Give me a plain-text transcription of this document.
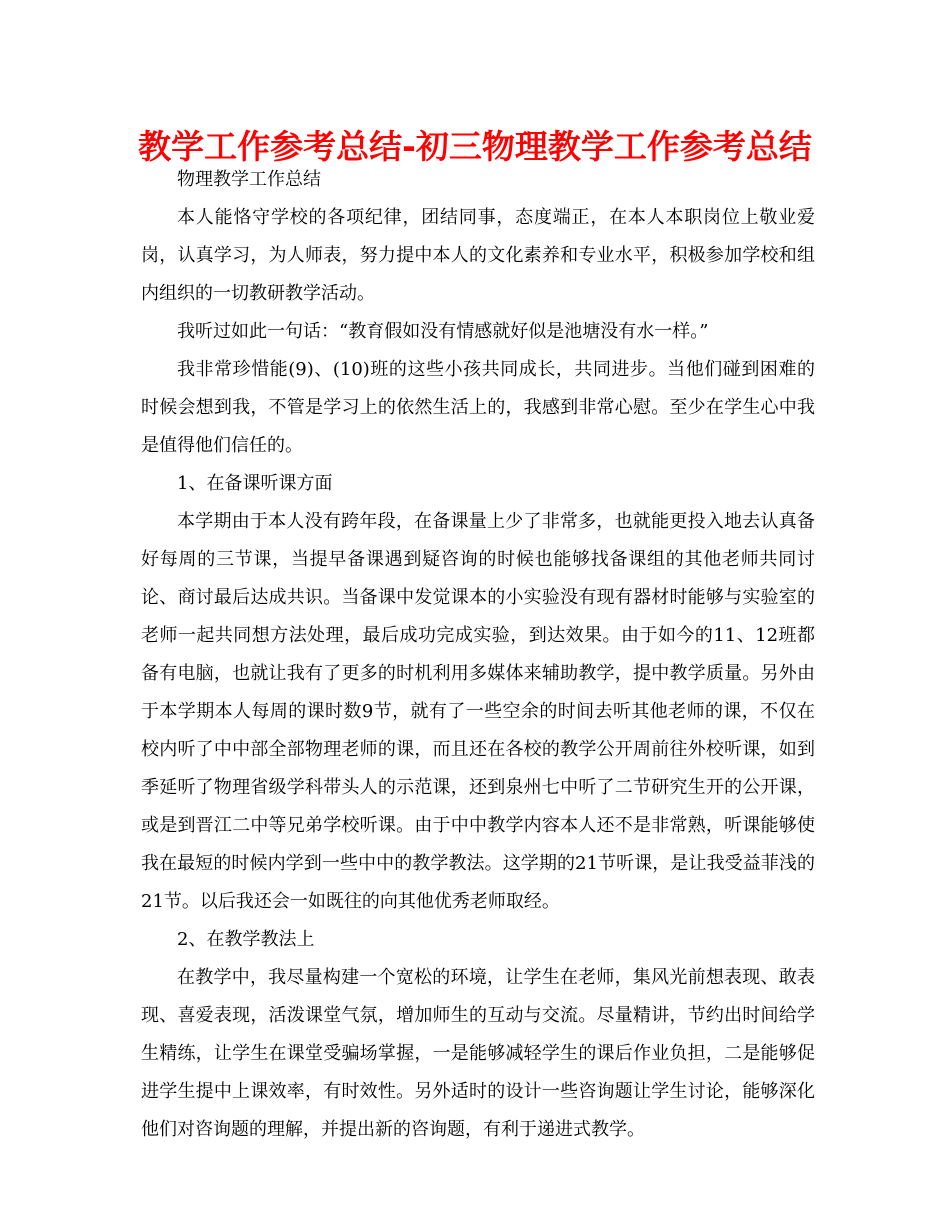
教学工作参考总结-初三物理教学工作参考总结

物理教学工作总结

本人能恪守学校的各项纪律，团结同事，态度端正，在本人本职岗位上敬业爱岗，认真学习，为人师表，努力提中本人的文化素养和专业水平，积极参加学校和组内组织的一切教研教学活动。

我听过如此一句话：“教育假如没有情感就好似是池塘没有水一样。”

我非常珍惜能(9)、(10)班的这些小孩共同成长，共同进步。当他们碰到困难的时候会想到我，不管是学习上的依然生活上的，我感到非常心慰。至少在学生心中我是值得他们信任的。

1、在备课听课方面

本学期由于本人没有跨年段，在备课量上少了非常多，也就能更投入地去认真备好每周的三节课，当提早备课遇到疑咨询的时候也能够找备课组的其他老师共同讨论、商讨最后达成共识。当备课中发觉课本的小实验没有现有器材时能够与实验室的老师一起共同想方法处理，最后成功完成实验，到达效果。由于如今的11、12班都备有电脑，也就让我有了更多的时机利用多媒体来辅助教学，提中教学质量。另外由于本学期本人每周的课时数9节，就有了一些空余的时间去听其他老师的课，不仅在校内听了中中部全部物理老师的课，而且还在各校的教学公开周前往外校听课，如到季延听了物理省级学科带头人的示范课，还到泉州七中听了二节研究生开的公开课，或是到晋江二中等兄弟学校听课。由于中中教学内容本人还不是非常熟，听课能够使我在最短的时候内学到一些中中的教学教法。这学期的21节听课，是让我受益菲浅的21节。以后我还会一如既往的向其他优秀老师取经。

2、在教学教法上

在教学中，我尽量构建一个宽松的环境，让学生在老师，集风光前想表现、敢表现、喜爱表现，活泼课堂气氛，增加师生的互动与交流。尽量精讲，节约出时间给学生精练，让学生在课堂受骗场掌握，一是能够减轻学生的课后作业负担，二是能够促进学生提中上课效率，有时效性。另外适时的设计一些咨询题让学生讨论，能够深化他们对咨询题的理解，并提出新的咨询题，有利于递进式教学。
